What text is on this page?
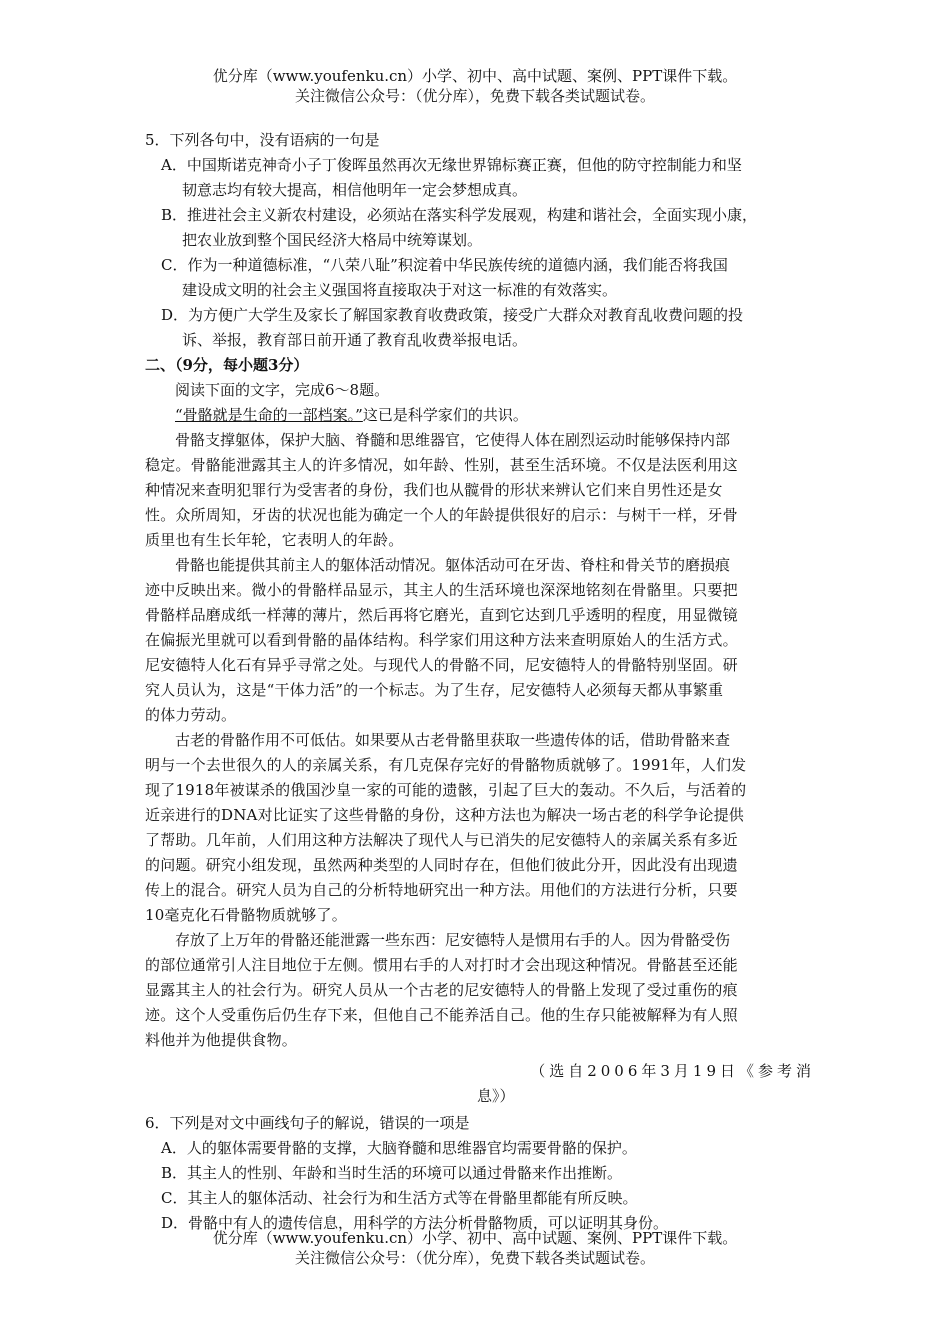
优分库（www.youfenku.cn）小学、初中、高中试题、案例、PPT课件下载。
关注微信公众号：（优分库），免费下载各类试题试卷。
5．下列各句中，没有语病的一句是
A．中国斯诺克神奇小子丁俊晖虽然再次无缘世界锦标赛正赛，但他的防守控制能力和坚
韧意志均有较大提高，相信他明年一定会梦想成真。
B．推进社会主义新农村建设，必须站在落实科学发展观，构建和谐社会，全面实现小康，
把农业放到整个国民经济大格局中统筹谋划。
C．作为一种道德标准，“八荣八耻”积淀着中华民族传统的道德内涵，我们能否将我国
建设成文明的社会主义强国将直接取决于对这一标准的有效落实。
D．为方便广大学生及家长了解国家教育收费政策，接受广大群众对教育乱收费问题的投
诉、举报，教育部日前开通了教育乱收费举报电话。
二、（9分，每小题3分）
阅读下面的文字，完成6～8题。
“骨骼就是生命的一部档案。”这已是科学家们的共识。
骨骼支撑躯体，保护大脑、脊髓和思维器官，它使得人体在剧烈运动时能够保持内部
稳定。骨骼能泄露其主人的许多情况，如年龄、性别，甚至生活环境。不仅是法医利用这
种情况来查明犯罪行为受害者的身份，我们也从髋骨的形状来辨认它们来自男性还是女
性。众所周知，牙齿的状况也能为确定一个人的年龄提供很好的启示：与树干一样，牙骨
质里也有生长年轮，它表明人的年龄。
骨骼也能提供其前主人的躯体活动情况。躯体活动可在牙齿、脊柱和骨关节的磨损痕
迹中反映出来。微小的骨骼样品显示，其主人的生活环境也深深地铭刻在骨骼里。只要把
骨骼样品磨成纸一样薄的薄片，然后再将它磨光，直到它达到几乎透明的程度，用显微镜
在偏振光里就可以看到骨骼的晶体结构。科学家们用这种方法来查明原始人的生活方式。
尼安德特人化石有异乎寻常之处。与现代人的骨骼不同，尼安德特人的骨骼特别坚固。研
究人员认为，这是“干体力活”的一个标志。为了生存，尼安德特人必须每天都从事繁重
的体力劳动。
古老的骨骼作用不可低估。如果要从古老骨骼里获取一些遗传体的话，借助骨骼来查
明与一个去世很久的人的亲属关系，有几克保存完好的骨骼物质就够了。1991年，人们发
现了1918年被谋杀的俄国沙皇一家的可能的遗骸，引起了巨大的轰动。不久后，与活着的
近亲进行的DNA对比证实了这些骨骼的身份，这种方法也为解决一场古老的科学争论提供
了帮助。几年前，人们用这种方法解决了现代人与已消失的尼安德特人的亲属关系有多近
的问题。研究小组发现，虽然两种类型的人同时存在，但他们彼此分开，因此没有出现遗
传上的混合。研究人员为自己的分析特地研究出一种方法。用他们的方法进行分析，只要
10毫克化石骨骼物质就够了。
存放了上万年的骨骼还能泄露一些东西：尼安德特人是惯用右手的人。因为骨骼受伤
的部位通常引人注目地位于左侧。惯用右手的人对打时才会出现这种情况。骨骼甚至还能
显露其主人的社会行为。研究人员从一个古老的尼安德特人的骨骼上发现了受过重伤的痕
迹。这个人受重伤后仍生存下来，但他自己不能养活自己。他的生存只能被解释为有人照
料他并为他提供食物。
（选自2006年3月19日《参考消
息》）
6．下列是对文中画线句子的解说，错误的一项是
A．人的躯体需要骨骼的支撑，大脑脊髓和思维器官均需要骨骼的保护。
B．其主人的性别、年龄和当时生活的环境可以通过骨骼来作出推断。
C．其主人的躯体活动、社会行为和生活方式等在骨骼里都能有所反映。
D．骨骼中有人的遗传信息，用科学的方法分析骨骼物质，可以证明其身份。
优分库（www.youfenku.cn）小学、初中、高中试题、案例、PPT课件下载。
关注微信公众号：（优分库），免费下载各类试题试卷。
